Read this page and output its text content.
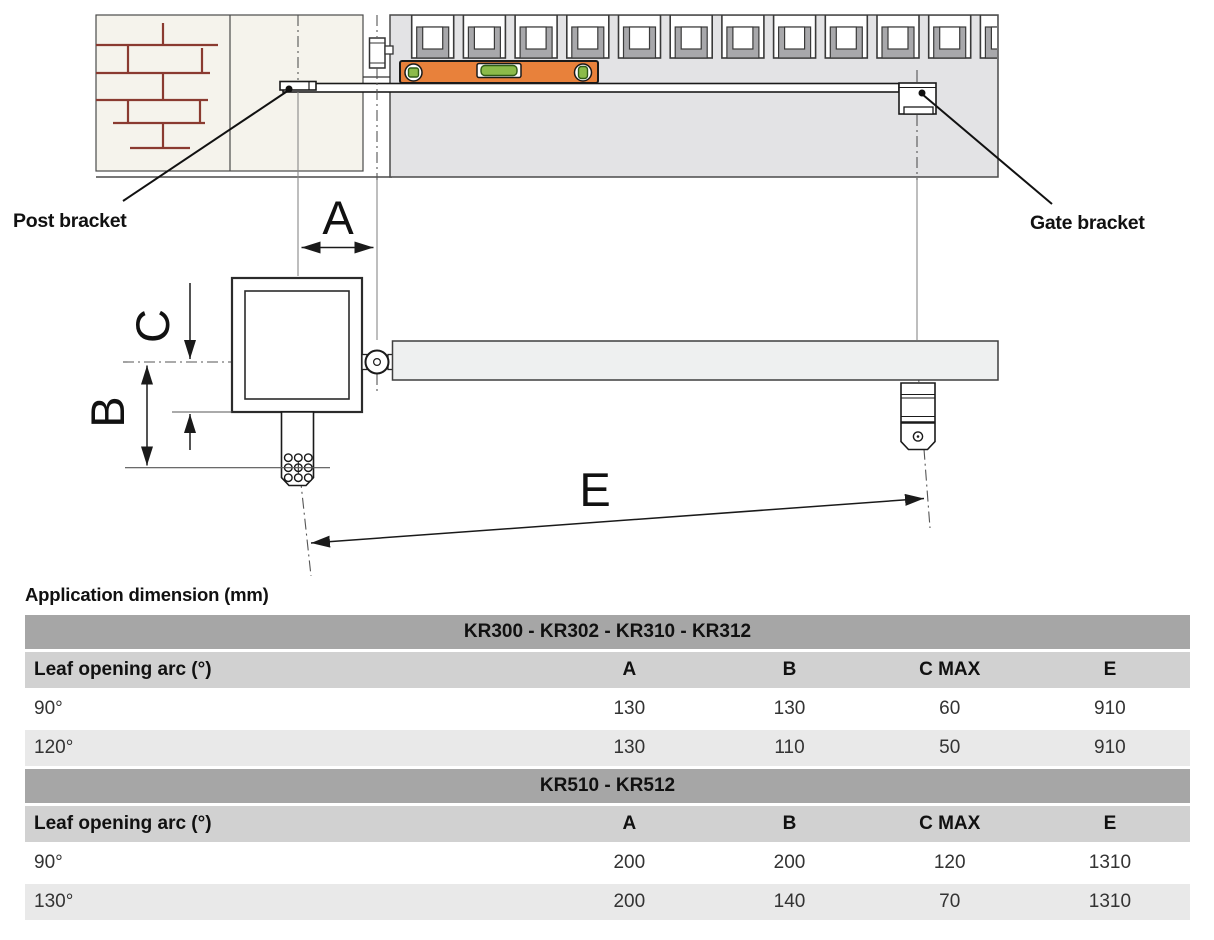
Post bracket	Gate bracket
A
B
C
E
Application dimension (mm)
KR300 - KR302 - KR310 - KR312
Leaf opening arc (°)	A	B	C MAX	E
90°	130	130	60	910
120°	130	110	50	910
KR510 - KR512
Leaf opening arc (°)	A	B	C MAX	E
90°	200	200	120	1310
130°	200	140	70	1310
